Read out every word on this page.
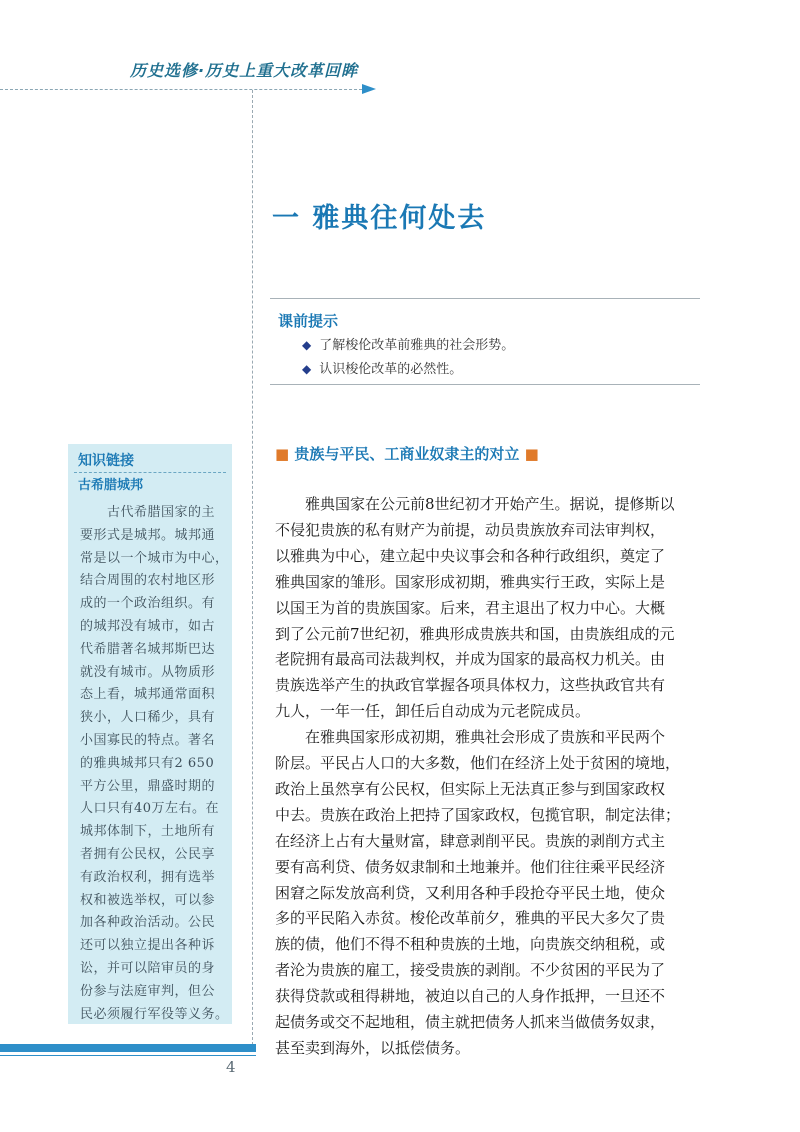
历史选修·历史上重大改革回眸
一 雅典往何处去
课前提示
◆ 了解梭伦改革前雅典的社会形势。
◆ 认识梭伦改革的必然性。
知识链接
古希腊城邦
　　古代希腊国家的主
要形式是城邦。城邦通
常是以一个城市为中心，
结合周围的农村地区形
成的一个政治组织。有
的城邦没有城市，如古
代希腊著名城邦斯巴达
就没有城市。从物质形
态上看，城邦通常面积
狭小，人口稀少，具有
小国寡民的特点。著名
的雅典城邦只有2 650
平方公里，鼎盛时期的
人口只有40万左右。在
城邦体制下，土地所有
者拥有公民权，公民享
有政治权利，拥有选举
权和被选举权，可以参
加各种政治活动。公民
还可以独立提出各种诉
讼，并可以陪审员的身
份参与法庭审判，但公
民必须履行军役等义务。
■ 贵族与平民、工商业奴隶主的对立 ■
　　雅典国家在公元前8世纪初才开始产生。据说，提修斯以
不侵犯贵族的私有财产为前提，动员贵族放弃司法审判权，
以雅典为中心，建立起中央议事会和各种行政组织，奠定了
雅典国家的雏形。国家形成初期，雅典实行王政，实际上是
以国王为首的贵族国家。后来，君主退出了权力中心。大概
到了公元前7世纪初，雅典形成贵族共和国，由贵族组成的元
老院拥有最高司法裁判权，并成为国家的最高权力机关。由
贵族选举产生的执政官掌握各项具体权力，这些执政官共有
九人，一年一任，卸任后自动成为元老院成员。
　　在雅典国家形成初期，雅典社会形成了贵族和平民两个
阶层。平民占人口的大多数，他们在经济上处于贫困的境地，
政治上虽然享有公民权，但实际上无法真正参与到国家政权
中去。贵族在政治上把持了国家政权，包揽官职，制定法律；
在经济上占有大量财富，肆意剥削平民。贵族的剥削方式主
要有高利贷、债务奴隶制和土地兼并。他们往往乘平民经济
困窘之际发放高利贷，又利用各种手段抢夺平民土地，使众
多的平民陷入赤贫。梭伦改革前夕，雅典的平民大多欠了贵
族的债，他们不得不租种贵族的土地，向贵族交纳租税，或
者沦为贵族的雇工，接受贵族的剥削。不少贫困的平民为了
获得贷款或租得耕地，被迫以自己的人身作抵押，一旦还不
起债务或交不起地租，债主就把债务人抓来当做债务奴隶，
甚至卖到海外，以抵偿债务。
4
